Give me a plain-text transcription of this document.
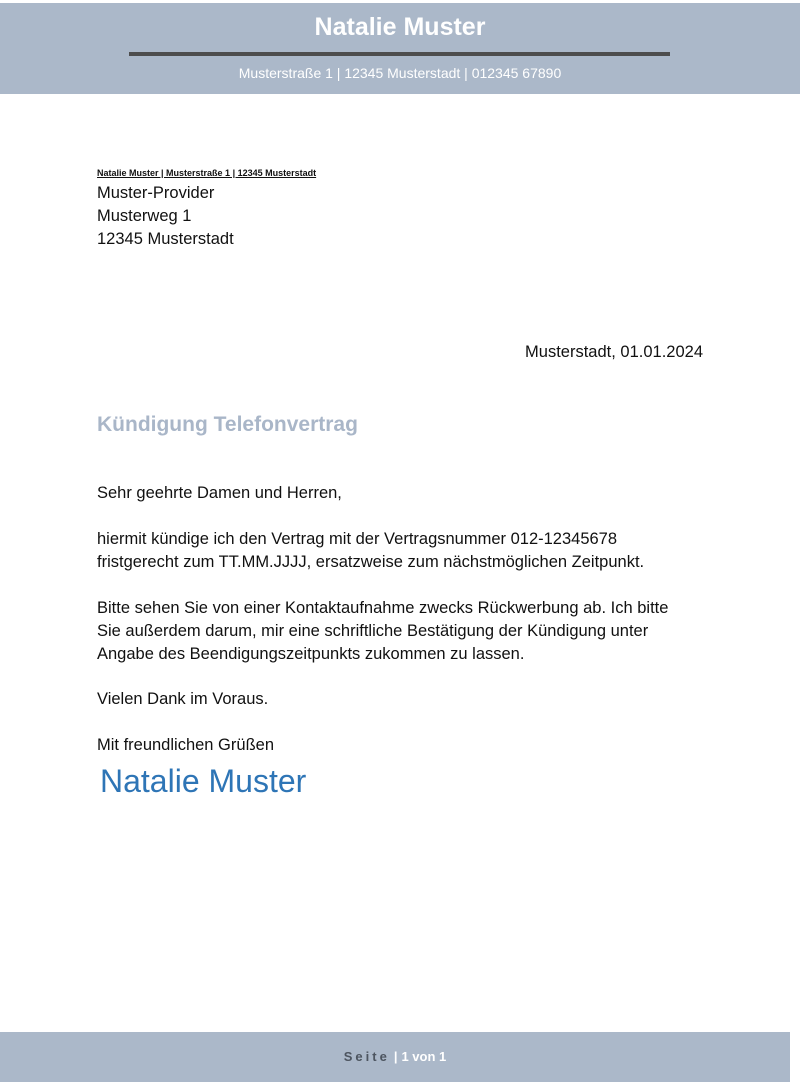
Natalie Muster
Musterstraße 1 | 12345 Musterstadt | 012345 67890
Natalie Muster | Musterstraße 1 | 12345 Musterstadt
Muster-Provider
Musterweg 1
12345 Musterstadt
Musterstadt, 01.01.2024
Kündigung Telefonvertrag

Sehr geehrte Damen und Herren,

hiermit kündige ich den Vertrag mit der Vertragsnummer 012-12345678

fristgerecht zum TT.MM.JJJJ, ersatzweise zum nächstmöglichen Zeitpunkt.

Bitte sehen Sie von einer Kontaktaufnahme zwecks Rückwerbung ab. Ich bitte

Sie außerdem darum, mir eine schriftliche Bestätigung der Kündigung unter

Angabe des Beendigungszeitpunkts zukommen zu lassen.

Vielen Dank im Voraus.

Mit freundlichen Grüßen

Natalie Muster
Seite | 1 von 1
